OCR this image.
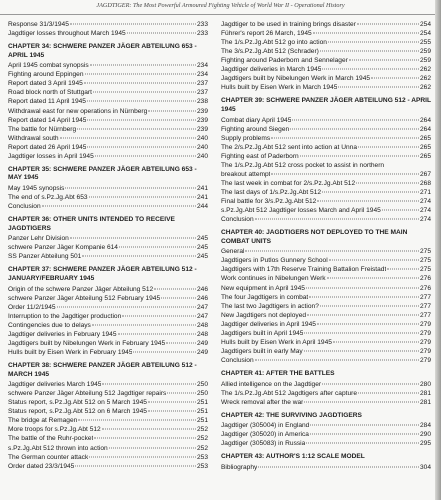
JAGDTIGER: The Most Powerful Armoured Fighting Vehicle of World War II - Operational History
Response 31/3/1945	233
Jagdtiger losses throughout March 1945	233
CHAPTER 34: SCHWERE PANZER JÄGER ABTEILUNG 653 - APRIL 1945
April 1945 combat synopsis	234
Fighting around Eppingen	234
Report dated 3 April 1945	237
Road block north of Stuttgart	237
Report dated 11 April 1945	238
Withdrawal east for new operations in Nürnberg	239
Report dated 14 April 1945	239
The battle for Nürnberg	239
Withdrawal south	240
Report dated 26 April 1945	240
Jagdtiger losses in April 1945	240
CHAPTER 35: SCHWERE PANZER JÄGER ABTEILUNG 653 - MAY 1945
May 1945 synopsis	241
The end of s.Pz.Jg.Abt 653	241
Conclusion	244
CHAPTER 36: OTHER UNITS INTENDED TO RECEIVE JAGDTIGERS
Panzer Lehr Division	245
schwere Panzer Jäger Kompanie 614	245
SS Panzer Abteilung 501	245
CHAPTER 37: SCHWERE PANZER JÄGER ABTEILUNG 512 - JANUARY/FEBRUARY 1945
Origin of the schwere Panzer Jäger Abteilung 512	246
schwere Panzer Jäger Abteilung 512 February 1945	246
Order 11/2/1945	247
Interruption to the Jagdtiger production	247
Contingencies due to delays	248
Jagdtiger deliveries in February 1945	248
Jagdtigers built by Nibelungen Werk in February 1945	249
Hulls built by Eisen Werk in February 1945	249
CHAPTER 38: SCHWERE PANZER JÄGER ABTEILUNG 512 - MARCH 1945
Jagdtiger deliveries March 1945	250
schwere Panzer Jäger Abteilung 512 Jagdtiger repairs	250
Status report, s.Pz.Jg.Abt 512 on 5 March 1945	251
Status report, s.Pz.Jg.Abt 512 on 6 March 1945	251
The bridge at Remagen	251
More troops for s.Pz.Jg.Abt 512	252
The battle of the Ruhr-pocket	252
s.Pz.Jg.Abt 512 thrown into action	252
The German counter attack	253
Order dated 23/3/1945	253
Jagdtiger to be used in training brings disaster	254
Führer's report 26 March, 1945	254
The 1/s.Pz.Jg.Abt 512 go into action	255
The 3/s.Pz.Jg.Abt 512 (Schrader)	259
Fighting around Paderborn and Sennelager	259
Jagdtiger deliveries in March 1945	262
Jagdtigers built by Nibelungen Werk in March 1945	262
Hulls built by Eisen Werk in March 1945	262
CHAPTER 39: SCHWERE PANZER JÄGER ABTEILUNG 512 - APRIL 1945
Combat diary April 1945	264
Fighting around Siegen	264
Supply problems	265
The 2/s.Pz.Jg.Abt 512 sent into action at Unna	265
Fighting east of Paderborn	265
The 1/s.Pz.Jg.Abt 512 cross pocket to assist in northern
breakout attempt	267
The last week in combat for 2/s.Pz.Jg.Abt 512	268
The last days of 1/s.Pz.Jg.Abt 512	271
Final battle for 3/s.Pz.Jg.Abt 512	274
s.Pz.Jg.Abt 512 Jagdtiger losses March and April 1945	274
Conclusion	274
CHAPTER 40: JAGDTIGERS NOT DEPLOYED TO THE MAIN COMBAT UNITS
General	275
Jagdtigers in Putlos Gunnery School	275
Jagdtigers with 17th Reserve Training Battalion Freistadt	275
Work continues in Nibelungen Werk	276
New equipment in April 1945	276
The four Jagdtigers in combat	277
The last two Jagdtigers in action?	277
New Jagdtigers not deployed	277
Jagdtiger deliveries in April 1945	279
Jagdtigers built in April 1945	279
Hulls built by Eisen Werk in April 1945	279
Jagdtigers built in early May	279
Conclusion	279
CHAPTER 41: AFTER THE BATTLES
Allied intelligence on the Jagdtiger	280
The 1/s.Pz.Jg.Abt 512 Jagdtigers after capture	281
Wreck removal after the war	281
CHAPTER 42: THE SURVIVING JAGDTIGERS
Jagdtiger (305004) in England	284
Jagdtiger (305020) in America	290
Jagdtiger (305083) in Russia	295
CHAPTER 43: AUTHOR'S 1:12 SCALE MODEL
Bibliography	304
